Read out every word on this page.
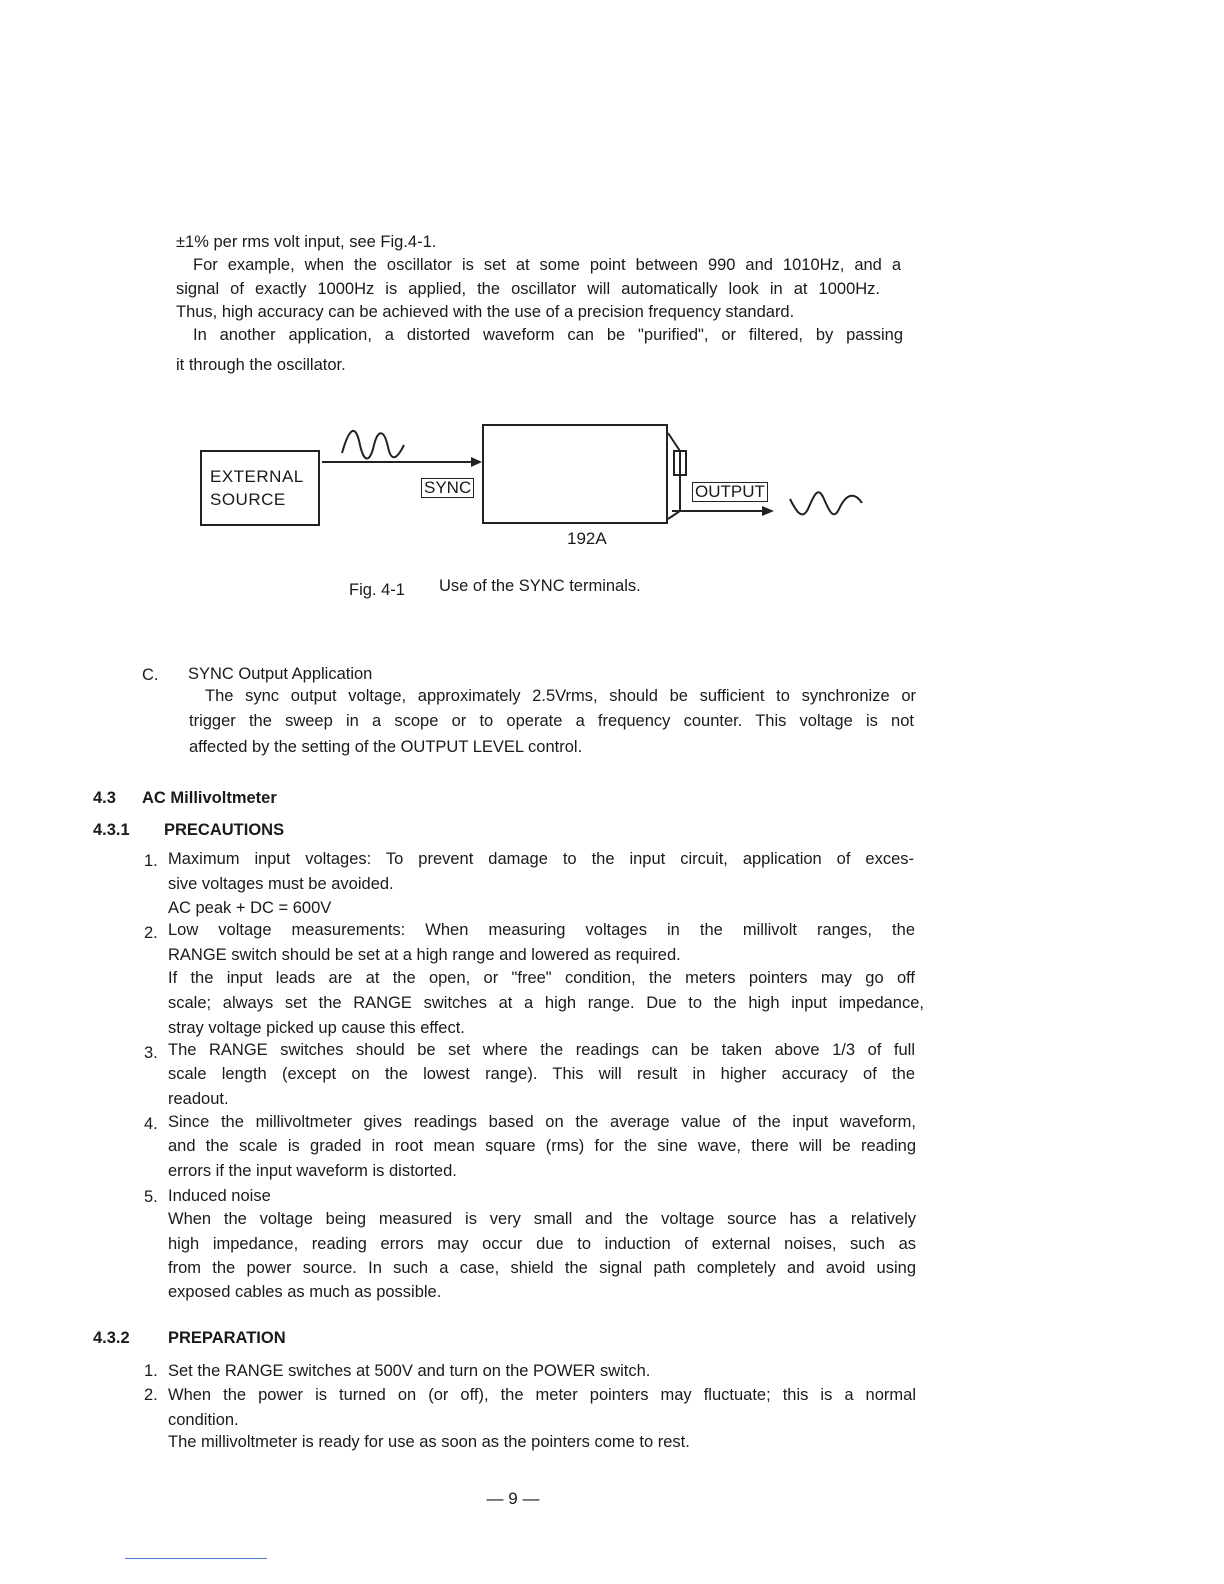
±1% per rms volt input, see Fig.4-1.
For example, when the oscillator is set at some point between 990 and 1010Hz, and a
signal of exactly 1000Hz is applied, the oscillator will automatically look in at 1000Hz.
Thus, high accuracy can be achieved with the use of a precision frequency standard.
In another application, a distorted waveform can be "purified", or filtered, by passing
it through the oscillator.
EXTERNAL
SOURCE
SYNC	OUTPUT
192A
Fig. 4-1 Use of the SYNC terminals.
C. SYNC Output Application
The sync output voltage, approximately 2.5Vrms, should be sufficient to synchronize or
trigger the sweep in a scope or to operate a frequency counter. This voltage is not
affected by the setting of the OUTPUT LEVEL control.
4.3 AC Millivoltmeter
4.3.1 PRECAUTIONS
1. Maximum input voltages: To prevent damage to the input circuit, application of exces-
sive voltages must be avoided.
AC peak + DC = 600V
2. Low voltage measurements: When measuring voltages in the millivolt ranges, the
RANGE switch should be set at a high range and lowered as required.
If the input leads are at the open, or "free" condition, the meters pointers may go off
scale; always set the RANGE switches at a high range. Due to the high input impedance,
stray voltage picked up cause this effect.
3. The RANGE switches should be set where the readings can be taken above 1/3 of full
scale length (except on the lowest range). This will result in higher accuracy of the
readout.
4. Since the millivoltmeter gives readings based on the average value of the input waveform,
and the scale is graded in root mean square (rms) for the sine wave, there will be reading
errors if the input waveform is distorted.
5. Induced noise
When the voltage being measured is very small and the voltage source has a relatively
high impedance, reading errors may occur due to induction of external noises, such as
from the power source. In such a case, shield the signal path completely and avoid using
exposed cables as much as possible.
4.3.2 PREPARATION
1. Set the RANGE switches at 500V and turn on the POWER switch.
2. When the power is turned on (or off), the meter pointers may fluctuate; this is a normal
condition.
The millivoltmeter is ready for use as soon as the pointers come to rest.
— 9 —
